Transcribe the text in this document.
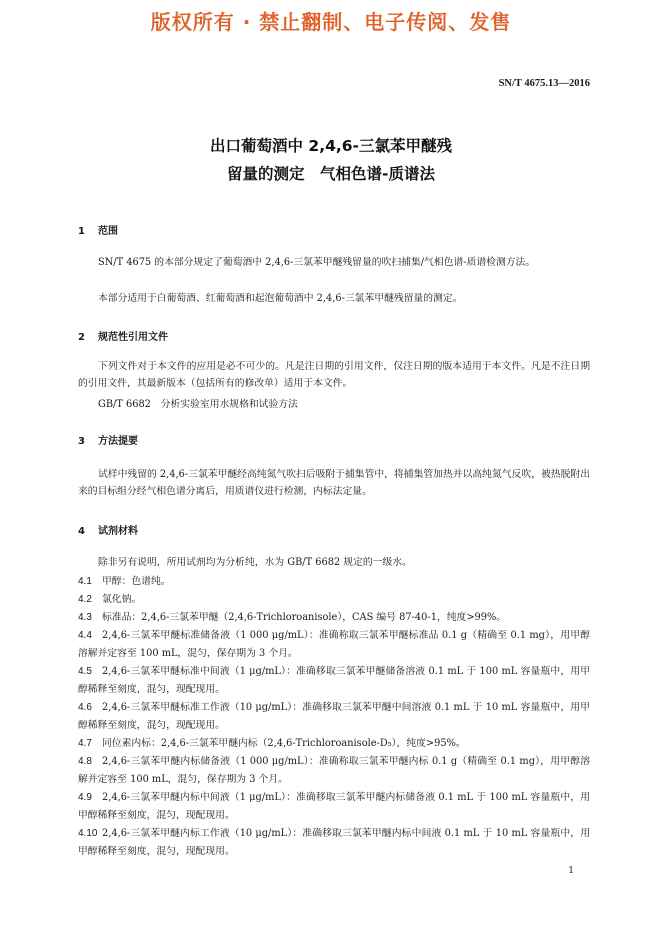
版权所有 · 禁止翻制、电子传阅、发售
SN/T 4675.13—2016
出口葡萄酒中 2,4,6-三氯苯甲醚残
留量的测定　气相色谱-质谱法
1 范围
SN/T 4675 的本部分规定了葡萄酒中 2,4,6-三氯苯甲醚残留量的吹扫捕集/气相色谱-质谱检测方法。
本部分适用于白葡萄酒、红葡萄酒和起泡葡萄酒中 2,4,6-三氯苯甲醚残留量的测定。
2 规范性引用文件
下列文件对于本文件的应用是必不可少的。凡是注日期的引用文件，仅注日期的版本适用于本文件。凡是不注日期的引用文件，其最新版本（包括所有的修改单）适用于本文件。
GB/T 6682　分析实验室用水规格和试验方法
3 方法提要
试样中残留的 2,4,6-三氯苯甲醚经高纯氮气吹扫后吸附于捕集管中，将捕集管加热并以高纯氮气反吹，被热脱附出来的目标组分经气相色谱分离后，用质谱仪进行检测，内标法定量。
4 试剂材料
除非另有说明，所用试剂均为分析纯，水为 GB/T 6682 规定的一级水。
4.1 甲醇：色谱纯。
4.2 氯化钠。
4.3 标准品：2,4,6-三氯苯甲醚（2,4,6-Trichloroanisole），CAS 编号 87-40-1，纯度>99%。
4.4 2,4,6-三氯苯甲醚标准储备液（1 000 μg/mL）：准确称取三氯苯甲醚标准品 0.1 g（精确至 0.1 mg），用甲醇溶解并定容至 100 mL，混匀，保存期为 3 个月。
4.5 2,4,6-三氯苯甲醚标准中间液（1 μg/mL）：准确移取三氯苯甲醚储备溶液 0.1 mL 于 100 mL 容量瓶中，用甲醇稀释至刻度，混匀，现配现用。
4.6 2,4,6-三氯苯甲醚标准工作液（10 μg/mL）：准确移取三氯苯甲醚中间溶液 0.1 mL 于 10 mL 容量瓶中，用甲醇稀释至刻度，混匀，现配现用。
4.7 同位素内标：2,4,6-三氯苯甲醚内标（2,4,6-Trichloroanisole-D₅），纯度>95%。
4.8 2,4,6-三氯苯甲醚内标储备液（1 000 μg/mL）：准确称取三氯苯甲醚内标 0.1 g（精确至 0.1 mg），用甲醇溶解并定容至 100 mL，混匀，保存期为 3 个月。
4.9 2,4,6-三氯苯甲醚内标中间液（1 μg/mL）：准确移取三氯苯甲醚内标储备液 0.1 mL 于 100 mL 容量瓶中，用甲醇稀释至刻度，混匀，现配现用。
4.10 2,4,6-三氯苯甲醚内标工作液（10 μg/mL）：准确移取三氯苯甲醚内标中间液 0.1 mL 于 10 mL 容量瓶中，用甲醇稀释至刻度，混匀，现配现用。
1
